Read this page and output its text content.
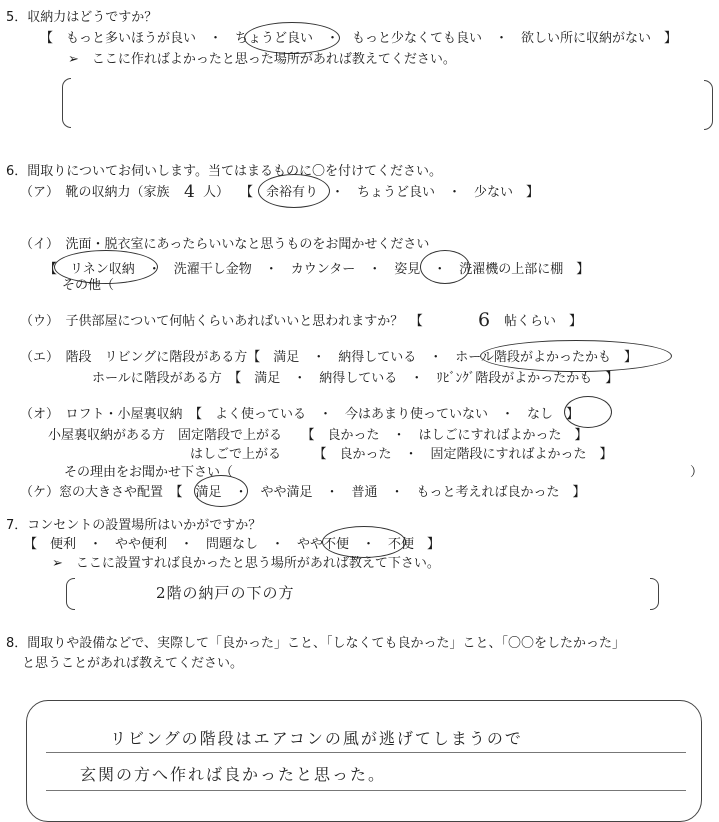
5．収納力はどうですか？
【　もっと多いほうが良い　・　ちょうど良い　・　もっと少なくても良い　・　欲しい所に収納がない　】
➢　ここに作ればよかったと思った場所があれば教えてください。
6．間取りについてお伺いします。当てはまるものに〇を付けてください。
（ア）　靴の収納力（家族 4 人） 【　余裕有り　・　ちょうど良い　・　少ない　】
（イ）　洗面・脱衣室にあったらいいなと思うものをお聞かせください
【　リネン収納　・　洗濯干し金物　・　カウンター　・　姿見　・　洗濯機の上部に棚　】
その他（
（ウ）　子供部屋について何帖くらいあればいいと思われますか？　【	6 帖くらい　】
（エ）　階段　リビングに階段がある方【　満足　・　納得している　・　ホール階段がよかったかも　】
ホールに階段がある方　【　満足　・　納得している　・　ﾘﾋﾞﾝｸﾞ階段がよかったかも　】
（オ）　ロフト・小屋裏収納　【　よく使っている　・　今はあまり使っていない　・　なし　】
小屋裏収納がある方　固定階段で上がる　　【　良かった　・　はしごにすればよかった　】
はしごで上がる　　　【　良かった　・　固定階段にすればよかった　】
その理由をお聞かせ下さい（	）
（ケ）窓の大きさや配置　【　満足　・　やや満足　・　普通　・　もっと考えれば良かった　】
7．コンセントの設置場所はいかがですか？
【　便利　・　やや便利　・　問題なし　・　やや不便　・　不便　】
➢　ここに設置すれば良かったと思う場所があれば教えて下さい。
2階の納戸の下の方
8．間取りや設備などで、実際して「良かった」こと、「しなくても良かった」こと、「〇〇をしたかった」
と思うことがあれば教えてください。
リビングの階段はエアコンの風が逃げてしまうので
玄関の方へ作れば良かったと思った。
